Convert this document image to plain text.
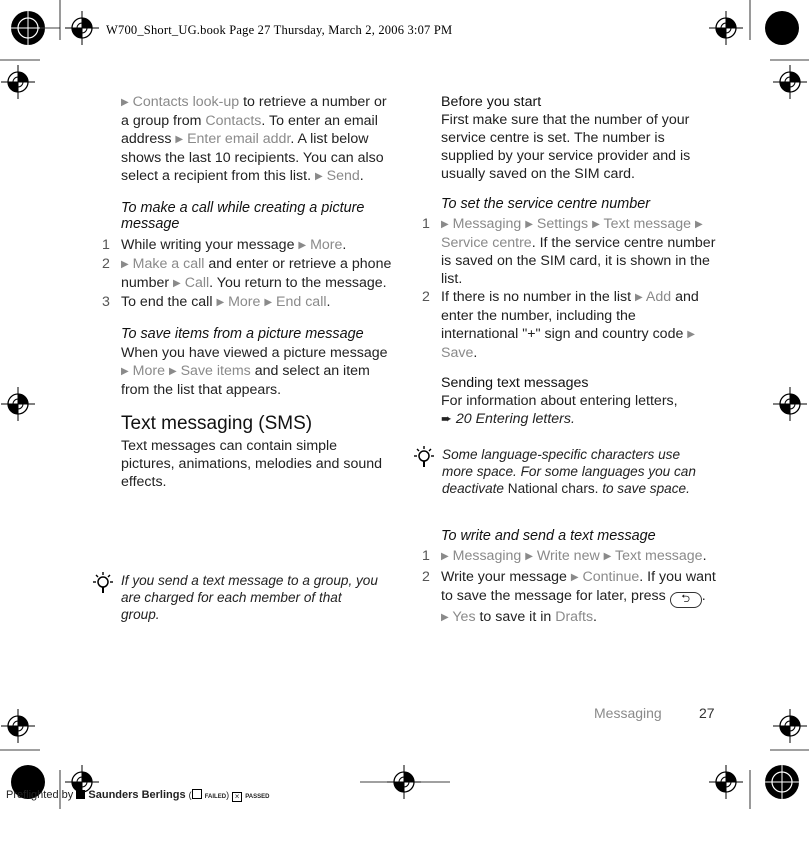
W700_Short_UG.book Page 27 Thursday, March 2, 2006 3:07 PM

▶ Contacts look-up to retrieve a number or a group from Contacts. To enter an email address ▶ Enter email addr. A list below shows the last 10 recipients. You can also select a recipient from this list. ▶ Send.

To make a call while creating a picture message

1 While writing your message ▶ More.

2 ▶ Make a call and enter or retrieve a phone number ▶ Call. You return to the message.

3 To end the call ▶ More ▶ End call.

To save items from a picture message

When you have viewed a picture message ▶ More ▶ Save items and select an item from the list that appears.

Text messaging (SMS)

Text messages can contain simple pictures, animations, melodies and sound effects.

If you send a text message to a group, you are charged for each member of that group.

Before you start

First make sure that the number of your service centre is set. The number is supplied by your service provider and is usually saved on the SIM card.

To set the service centre number

1 ▶ Messaging ▶ Settings ▶ Text message ▶ Service centre. If the service centre number is saved on the SIM card, it is shown in the list.

2 If there is no number in the list ▶ Add and enter the number, including the international "+" sign and country code ▶ Save.

Sending text messages

For information about entering letters,

➨ 20 Entering letters.

Some language-specific characters use more space. For some languages you can deactivate National chars. to save space.

To write and send a text message

1 ▶ Messaging ▶ Write new ▶ Text message.

2 Write your message ▶ Continue. If you want to save the message for later, press ⮌ . ▶ Yes to save it in Drafts.

Messaging	27
Preflighted by Saunders Berlings ( FAILED) × PASSED
